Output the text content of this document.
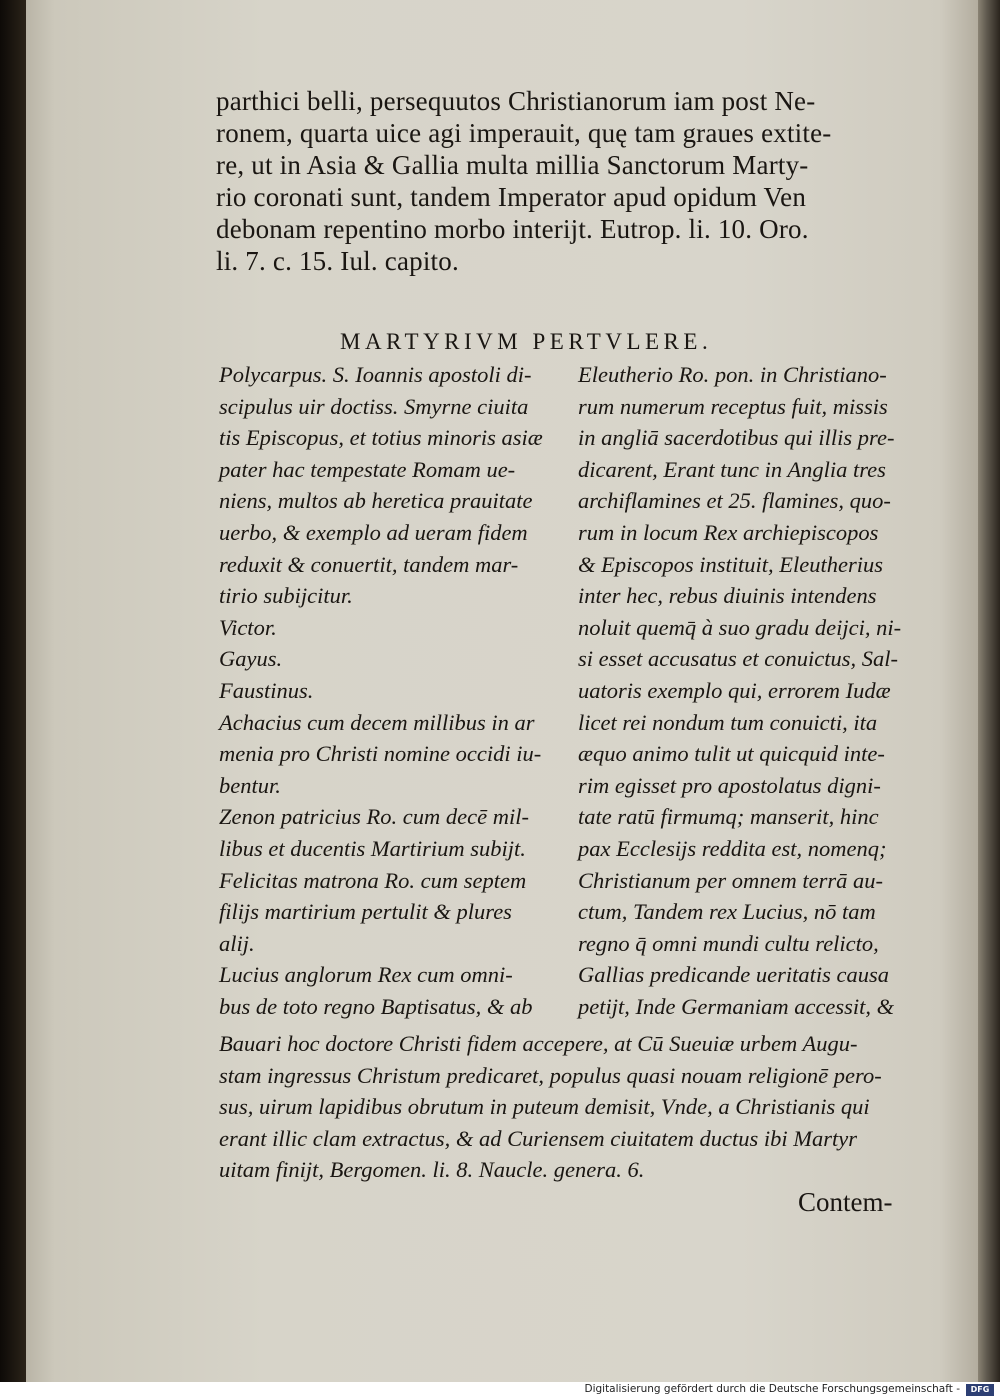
parthici belli, persequutos Christianorum iam post Ne-
ronem, quarta uice agi imperauit, quę tam graues extite-
re, ut in Asia & Gallia multa millia Sanctorum Marty-
rio coronati sunt, tandem Imperator apud opidum Ven
debonam repentino morbo interijt. Eutrop. li. 10. Oro.
li. 7. c. 15. Iul. capito.
MARTYRIVM PERTVLERE.
Polycarpus. S. Ioannis apostoli di-
scipulus uir doctiss. Smyrne ciuita
tis Episcopus, et totius minoris asiæ
pater hac tempestate Romam ue-
niens, multos ab heretica prauitate
uerbo, & exemplo ad ueram fidem
reduxit & conuertit, tandem mar-
tirio subijcitur.
Victor.
Gayus.
Faustinus.
Achacius cum decem millibus in ar
menia pro Christi nomine occidi iu-
bentur.
Zenon patricius Ro. cum decē mil-
libus et ducentis Martirium subijt.
Felicitas matrona Ro. cum septem
filijs martirium pertulit & plures
alij.
Lucius anglorum Rex cum omni-
bus de toto regno Baptisatus, & ab
Eleutherio Ro. pon. in Christiano-
rum numerum receptus fuit, missis
in angliā sacerdotibus qui illis pre-
dicarent, Erant tunc in Anglia tres
archiflamines et 25. flamines, quo-
rum in locum Rex archiepiscopos
& Episcopos instituit, Eleutherius
inter hec, rebus diuinis intendens
noluit quemq̄ à suo gradu deijci, ni-
si esset accusatus et conuictus, Sal-
uatoris exemplo qui, errorem Iudæ
licet rei nondum tum conuicti, ita
æquo animo tulit ut quicquid inte-
rim egisset pro apostolatus digni-
tate ratū firmumq; manserit, hinc
pax Ecclesijs reddita est, nomenq;
Christianum per omnem terrā au-
ctum, Tandem rex Lucius, nō tam
regno q̄ omni mundi cultu relicto,
Gallias predicande ueritatis causa
petijt, Inde Germaniam accessit, &
Bauari hoc doctore Christi fidem accepere, at Cū Sueuiæ urbem Augu-
stam ingressus Christum predicaret, populus quasi nouam religionē pero-
sus, uirum lapidibus obrutum in puteum demisit, Vnde, a Christianis qui
erant illic clam extractus, & ad Curiensem ciuitatem ductus ibi Martyr
uitam finijt, Bergomen. li. 8. Naucle. genera. 6.
Contem-
Digitalisierung gefördert durch die Deutsche Forschungsgemeinschaft -	DFG
